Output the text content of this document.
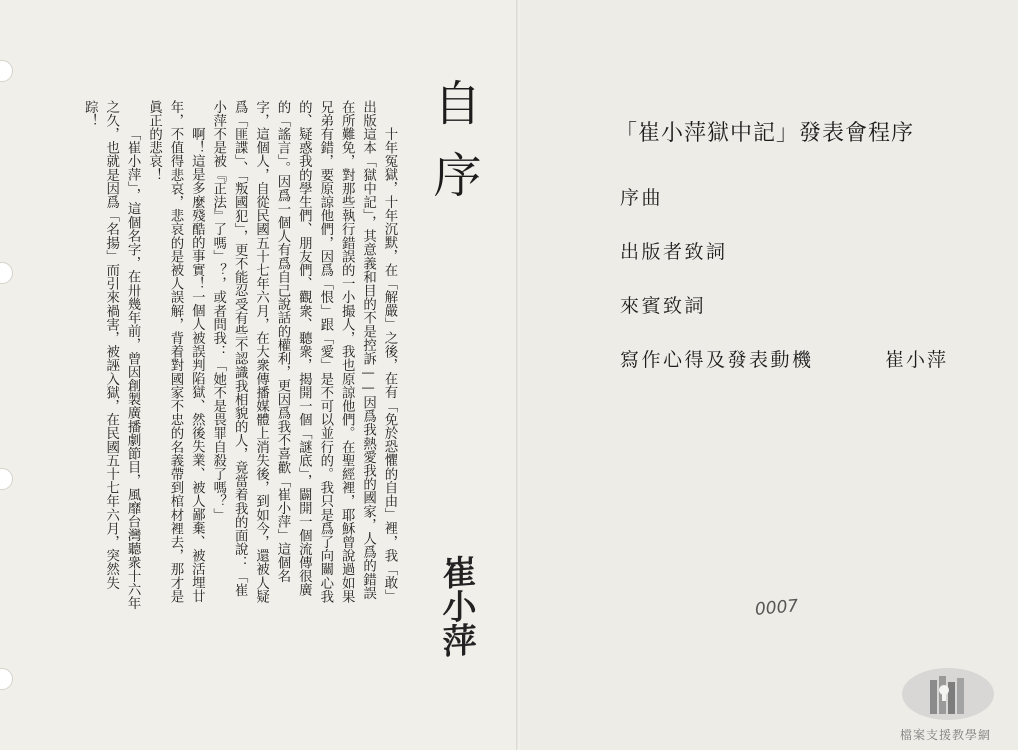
自序

十年冤獄，十年沉默，在「解嚴」之後，在有「免於恐懼的自由」裡，我「敢」出版這本「獄中記」，其意義和目的不是控訴——因爲我熱愛我的國家，人爲的錯誤在所難免，對那些執行錯誤的一小撮人，我也原諒他們。在聖經裡，耶穌曾說過如果兄弟有錯，要原諒他們，因爲「恨」跟「愛」是不可以並行的。我只是爲了向關心我的、疑惑我的學生們、朋友們、觀衆、聽衆，揭開一個「謎底」，闢開一個流傳很廣的「謠言」。因爲一個人有爲自己說話的權利，更因爲我不喜歡「崔小萍」這個名字，這個人，自從民國五十七年六月，在大衆傳播媒體上消失後，到如今，還被人疑爲「匪諜」、「叛國犯」，更不能忍受有些不認識我相貌的人，竟當着我的面說：「崔小萍不是被『正法』了嗎」？，或者問我：「她不是畏罪自殺了嗎？」

啊！這是多麼殘酷的事實！一個人被誤判陷獄、然後失業、被人鄙棄、被活埋廿年，不值得悲哀，悲哀的是被人誤解，背着對國家不忠的名義帶到棺材裡去，那才是眞正的悲哀！

「崔小萍」，這個名字，在卅幾年前，曾因創製廣播劇節目，風靡台灣聽衆十六年之久，也就是因爲「名揚」而引來禍害，被誣入獄，在民國五十七年六月，突然失踪！

崔小萍
「崔小萍獄中記」發表會程序
序曲
出版者致詞
來賓致詞
寫作心得及發表動機	崔小萍
0007
檔案支援教學網
